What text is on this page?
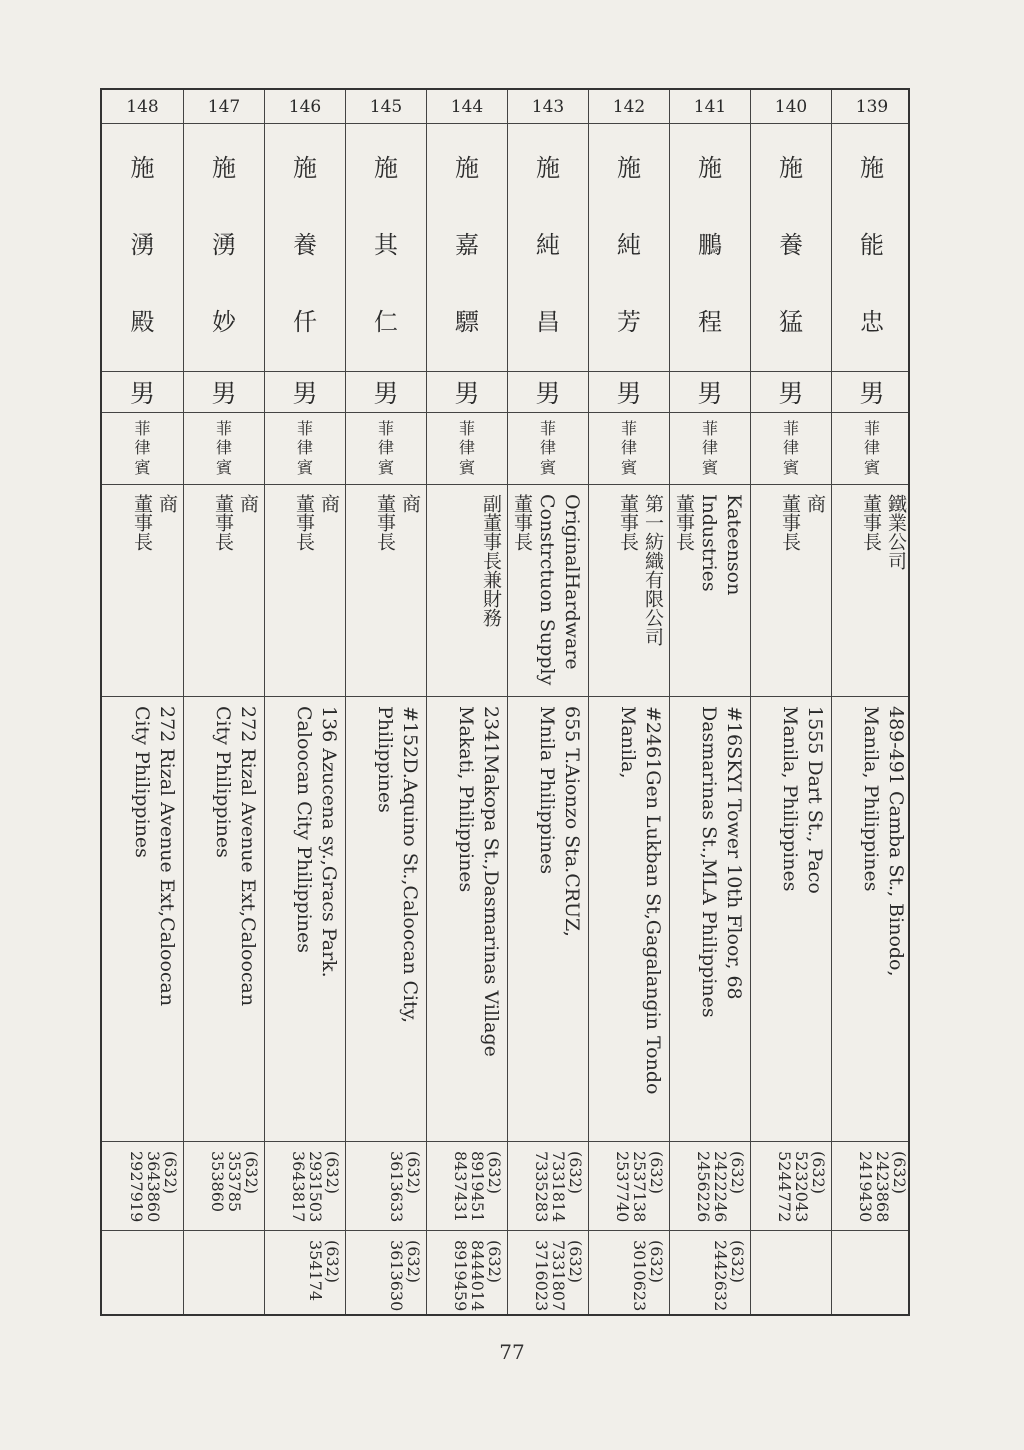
139
施
能
忠
男
菲
律
賓
鐵業公司
董事長
489-491 Camba St., Binodo,
Manila, Philippines
(632)
2423868
2419430
140
施
養
猛
男
菲
律
賓
商
董事長
1555 Dart St., Paco
Manila, Philippines
(632)
5232043
5244772
141
施
鵬
程
男
菲
律
賓
Kateenson
Industries
董事長
#16SKYI Tower 10th Floor, 68
Dasmarinas St.,MLA Philippines
(632)
2422246
2456226
(632)
2442632
142
施
純
芳
男
菲
律
賓
第一紡織有限公司
董事長
#2461Gen Lukban St,Gagalangin Tondo
Manila,
(632)
2537138
2537740
(632)
3010623
143
施
純
昌
男
菲
律
賓
OriginalHardware
Constrctuon Supply
董事長
655 T.Aionzo Sta.CRUZ,
Mnila Philippines
(632)
7331814
7335283
(632)
7331807
3716023
144
施
嘉
驃
男
菲
律
賓
副董事長兼財務
2341Makopa St.,Dasmarinas Village
Makati, Philippines
(632)
8919451
8437431
(632)
8444014
8919459
145
施
其
仁
男
菲
律
賓
商
董事長
#152D.Aquino St.,Caloocan City,
Philippines
(632)
3613633
(632)
3613630
146
施
養
仟
男
菲
律
賓
商
董事長
136 Azucena sy.,Gracs Park.
Caloocan City Philippines
(632)
2931503
3643817
(632)
354174
147
施
湧
妙
男
菲
律
賓
商
董事長
272 Rizal Avenue Ext,Caloocan
City Philippines
(632)
353785
353860
148
施
湧
殿
男
菲
律
賓
商
董事長
272 Rizal Avenue Ext,Caloocan
City Philippines
(632)
3643860
2927919
77
